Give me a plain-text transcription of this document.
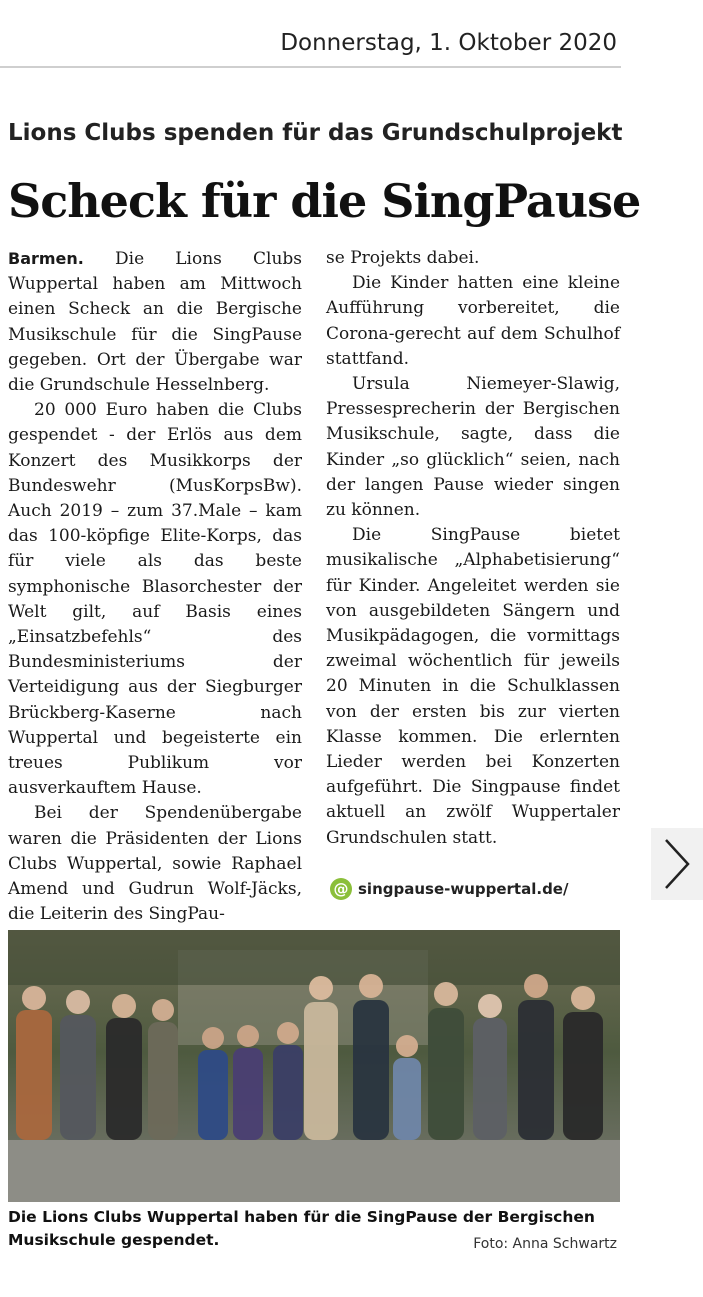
Donnerstag, 1. Oktober 2020
Lions Clubs spenden für das Grundschulprojekt
Scheck für die SingPause

Barmen. Die Lions Clubs Wuppertal haben am Mittwoch einen Scheck an die Bergische Musikschule für die SingPause gegeben. Ort der Übergabe war die Grundschule Hesselnberg.

20 000 Euro haben die Clubs gespendet - der Erlös aus dem Konzert des Musikkorps der Bundeswehr (MusKorpsBw). Auch 2019 – zum 37.Male – kam das 100-köpfige Elite-Korps, das für viele als das beste symphonische Blasorchester der Welt gilt, auf Basis eines „Einsatzbefehls“ des Bundesministeriums der Verteidigung aus der Siegburger Brückberg-Kaserne nach Wuppertal und begeisterte ein treues Publikum vor ausverkauftem Hause.

Bei der Spendenübergabe waren die Präsidenten der Lions Clubs Wuppertal, sowie Raphael Amend und Gudrun Wolf-Jäcks, die Leiterin des SingPau-

se Projekts dabei.

Die Kinder hatten eine kleine Aufführung vorbereitet, die Corona-gerecht auf dem Schulhof stattfand.

Ursula Niemeyer-Slawig, Pressesprecherin der Bergischen Musikschule, sagte, dass die Kinder „so glücklich“ seien, nach der langen Pause wieder singen zu können.

Die SingPause bietet musikalische „Alphabetisierung“ für Kinder. Angeleitet werden sie von ausgebildeten Sängern und Musikpädagogen, die vormittags zweimal wöchentlich für jeweils 20 Minuten in die Schulklassen von der ersten bis zur vierten Klasse kommen. Die erlernten Lieder werden bei Konzerten aufgeführt. Die Singpause findet aktuell an zwölf Wuppertaler Grundschulen statt.

@ singpause-wuppertal.de/
Die Lions Clubs Wuppertal haben für die SingPause der Bergischen Musikschule gespendet.	Foto: Anna Schwartz
